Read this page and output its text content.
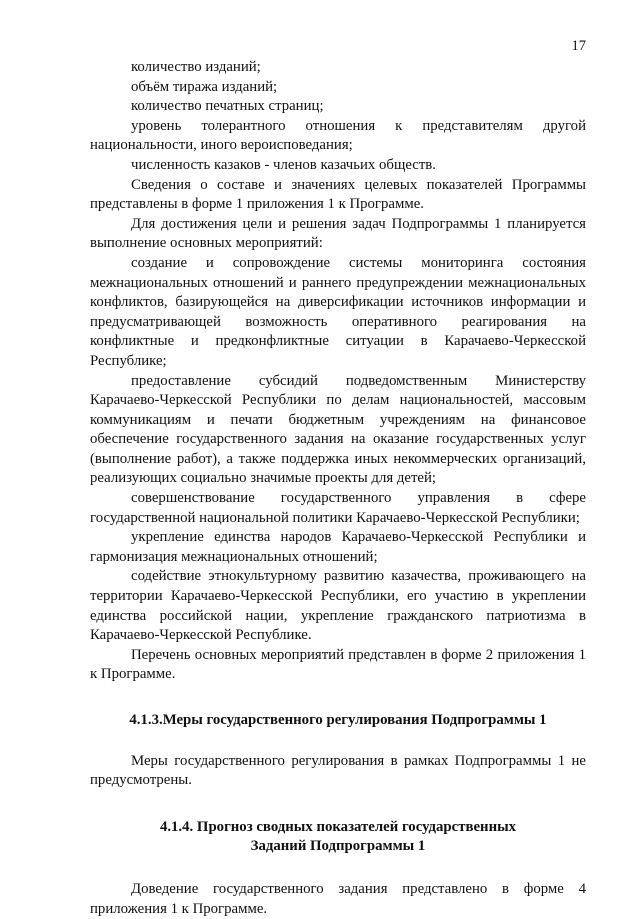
17

количество изданий;

объём тиража изданий;

количество печатных страниц;

уровень толерантного отношения к представителям другой национальности, иного вероисповедания;

численность казаков - членов казачьих обществ.

Сведения о составе и значениях целевых показателей Программы представлены в форме 1 приложения 1 к Программе.

Для достижения цели и решения задач Подпрограммы 1 планируется выполнение основных мероприятий:

создание и сопровождение системы мониторинга состояния межнациональных отношений и раннего предупреждении межнациональных конфликтов, базирующейся на диверсификации источников информации и предусматривающей возможность оперативного реагирования на конфликтные и предконфликтные ситуации в Карачаево-Черкесской Республике;

предоставление субсидий подведомственным Министерству Карачаево-Черкесской Республики по делам национальностей, массовым коммуникациям и печати бюджетным учреждениям на финансовое обеспечение государственного задания на оказание государственных услуг (выполнение работ), а также поддержка иных некоммерческих организаций, реализующих социально значимые проекты для детей;

совершенствование государственного управления в сфере государственной национальной политики Карачаево-Черкесской Республики;

укрепление единства народов Карачаево-Черкесской Республики и гармонизация межнациональных отношений;

содействие этнокультурному развитию казачества, проживающего на территории Карачаево-Черкесской Республики, его участию в укреплении единства российской нации, укрепление гражданского патриотизма в Карачаево-Черкесской Республике.

Перечень основных мероприятий представлен в форме 2 приложения 1 к Программе.

4.1.3.Меры государственного регулирования Подпрограммы 1

Меры государственного регулирования в рамках Подпрограммы 1 не предусмотрены.

4.1.4. Прогноз сводных показателей государственных
Заданий Подпрограммы 1

Доведение государственного задания представлено в форме 4 приложения 1 к Программе.
